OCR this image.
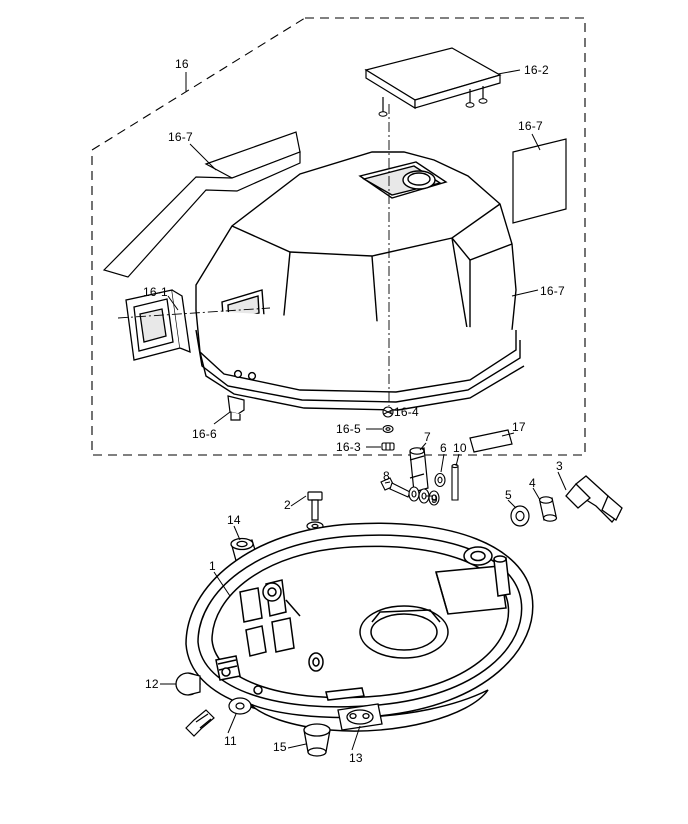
16	16-2
16-7
16-7
16-1	16-7
16-6
16-4
16-5
16-3
17
7
6 10
8
9
3
4
5
2
14
1
12
11	15
13
